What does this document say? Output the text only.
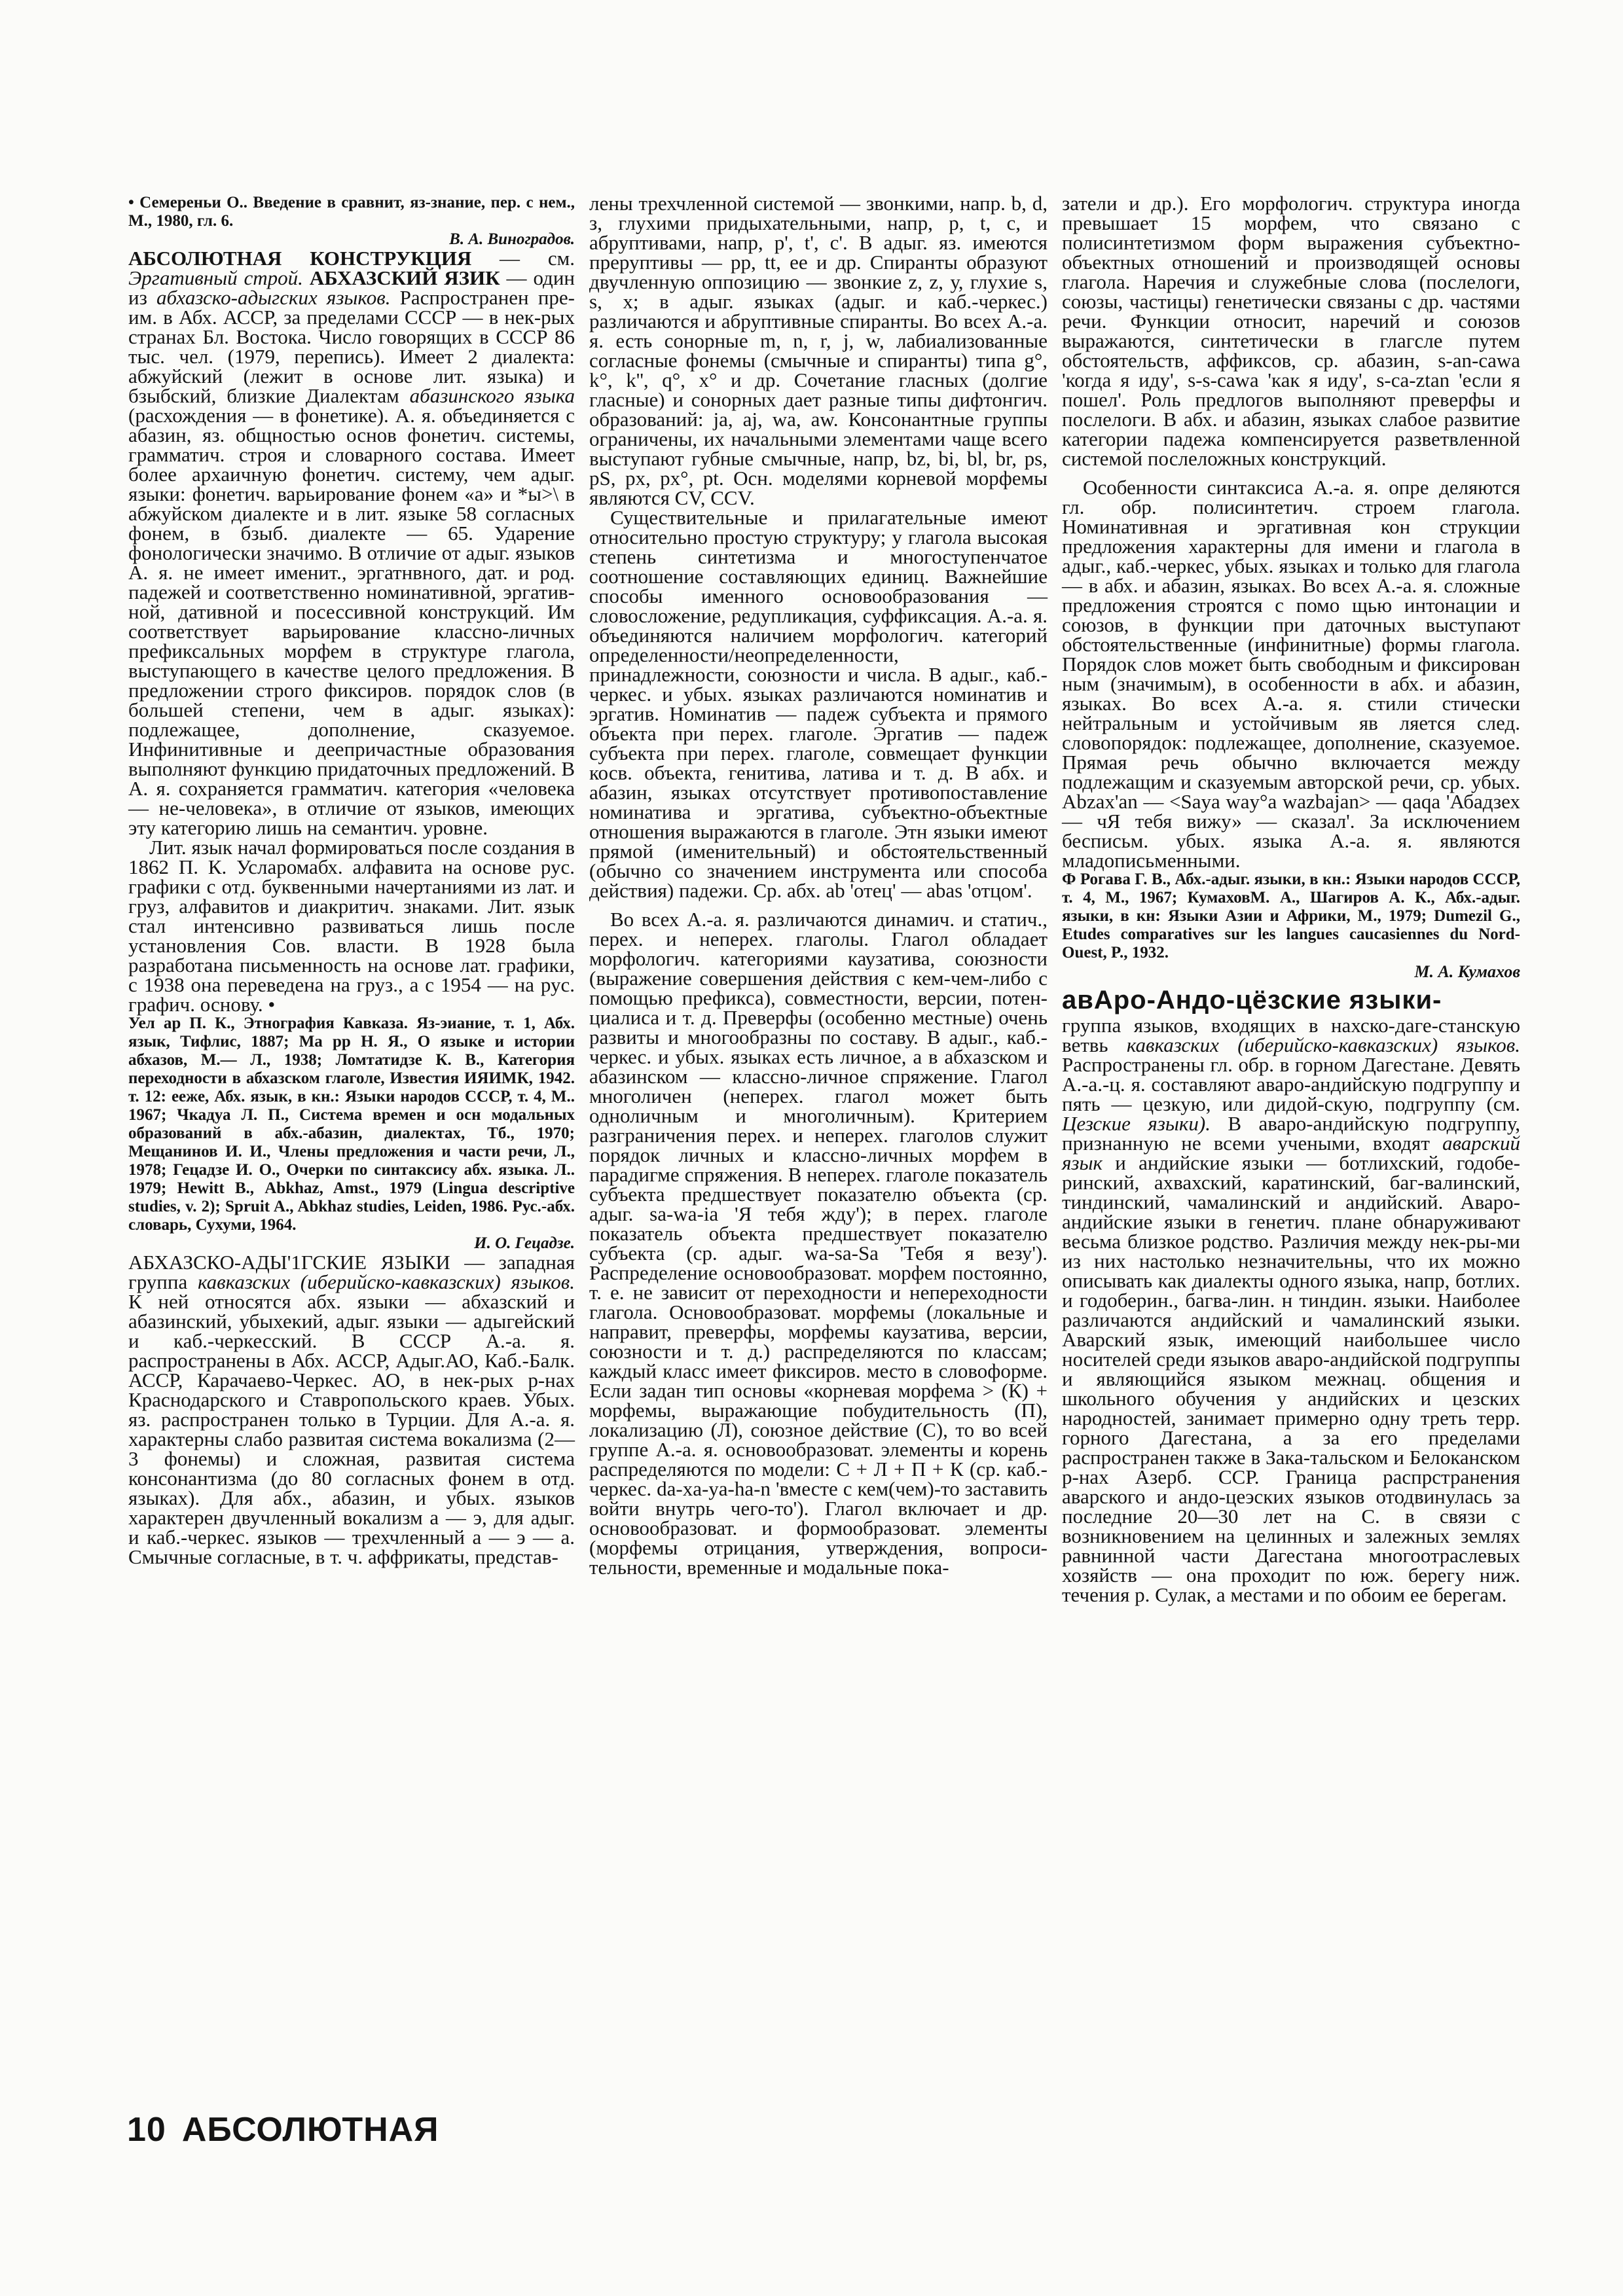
• Семереньи О.. Введение в сравнит, яз-знание, пер. с нем., М., 1980, гл. 6.

В. А. Виноградов.

АБСОЛЮТНАЯ КОНСТРУКЦИЯ — см. Эргативный строй. АБХАЗСКИЙ ЯЗИК — один из абхазско-адыгских языков. Распространен пре-им. в Абх. АССР, за пределами СССР — в нек-рых странах Бл. Востока. Число говорящих в СССР 86 тыс. чел. (1979, перепись). Имеет 2 диалекта: абжуйский (лежит в основе лит. языка) и бзыбский, близкие Диалектам абазинского языка (расхождения — в фонетике). А. я. объединяется с абазин, яз. общностью основ фонетич. системы, грамматич. строя и словарного состава. Имеет более архаичную фонетич. систему, чем адыг. языки: фонетич. варьирование фонем «а» и *ы>\ в абжуйском диалекте и в лит. языке 58 согласных фонем, в бзыб. диалекте — 65. Ударение фонологически значимо. В отличие от адыг. языков А. я. не имеет именит., эргатнвного, дат. и род. падежей и соответственно номинативной, эргатив-ной, дативной и посессивной конструкций. Им соответствует варьирование классно-личных префиксальных морфем в структуре глагола, выступающего в качестве целого предложения. В предложении строго фиксиров. порядок слов (в большей степени, чем в адыг. языках): подлежащее, дополнение, сказуемое. Инфинитивные и деепричастные образования выполняют функцию придаточных предложений. В А. я. сохраняется грамматич. категория «человека — не-человека», в отличие от языков, имеющих эту категорию лишь на семантич. уровне.

Лит. язык начал формироваться после создания в 1862 П. К. Усларомабх. алфавита на основе рус. графики с отд. буквенными начертаниями из лат. и груз, алфавитов и диакритич. знаками. Лит. язык стал интенсивно развиваться лишь после установления Сов. власти. В 1928 была разработана письменность на основе лат. графики, с 1938 она переведена на груз., а с 1954 — на рус. графич. основу. •

Уел ар П. К., Этнография Кавказа. Яз-эиание, т. 1, Абх. язык, Тифлис, 1887; Ма рр Н. Я., О языке и истории абхазов, М.— Л., 1938; Ломтатидзе К. В., Категория переходности в абхазском глаголе, Известия ИЯИМК, 1942. т. 12: ееже, Абх. язык, в кн.: Языки народов СССР, т. 4, М.. 1967; Чкадуа Л. П., Система времен и осн модальных образований в абх.-абазин, диалектах, Тб., 1970; Мещанинов И. И., Члены предложения и части речи, Л., 1978; Гецадзе И. О., Очерки по синтаксису абх. языка. Л.. 1979; Hewitt В., Abkhaz, Amst., 1979 (Lingua descriptive studies, v. 2); Spruit A., Abkhaz studies, Leiden, 1986. Рус.-абх. словарь, Сухуми, 1964.

И. О. Гецадзе.

АБХАЗСКО-АДЫ'1ГСКИЕ ЯЗЫКИ — западная группа кавказских (иберийско-кавказских) языков. К ней относятся абх. языки — абхазский и абазинский, убыхекий, адыг. языки — адыгейский и каб.-черкесский. В СССР А.-а. я. распространены в Абх. АССР, Адыг.АО, Каб.-Балк. АССР, Карачаево-Черкес. АО, в нек-рых р-нах Краснодарского и Ставропольского краев. Убых. яз. распространен только в Турции. Для А.-а. я. характерны слабо развитая система вокализма (2—3 фонемы) и сложная, развитая система консонантизма (до 80 согласных фонем в отд. языках). Для абх., абазин, и убых. языков характерен двучленный вокализм а — э, для адыг. и каб.-черкес. языков — трехчленный а — э — а. Смычные согласные, в т. ч. аффрикаты, представ-

лены трехчленной системой — звонкими, напр. b, d, з, глухими придыхательными, напр, р, t, c, и абруптивами, напр, p', t', с'. В адыг. яз. имеются преруптивы — pp, tt, ее и др. Спиранты образуют двучленную оппозицию — звонкие z, z, у, глухие s, s, х; в адыг. языках (адыг. и каб.-черкес.) различаются и абруптивные спиранты. Во всех А.-а. я. есть сонорные m, n, r, j, w, лабиализованные согласные фонемы (смычные и спиранты) типа g°, k°, k'', q°, x° и др. Сочетание гласных (долгие гласные) и сонорных дает разные типы дифтонгич. образований: ja, aj, wa, aw. Консонантные группы ограничены, их начальными элементами чаще всего выступают губные смычные, напр, bz, bi, bl, br, ps, pS, px, px°, pt. Осн. моделями корневой морфемы являются CV, CCV.

Существительные и прилагательные имеют относительно простую структуру; у глагола высокая степень синтетизма и многоступенчатое соотношение составляющих единиц. Важнейшие способы именного основообразования — словосложение, редупликация, суффиксация. А.-а. я. объединяются наличием морфологич. категорий определенности/неопределенности, принадлежности, союзности и числа. В адыг., каб.-черкес. и убых. языках различаются номинатив и эргатив. Номинатив — падеж субъекта и прямого объекта при перех. глаголе. Эргатив — падеж субъекта при перех. глаголе, совмещает функции косв. объекта, генитива, латива и т. д. В абх. и абазин, языках отсутствует противопоставление номинатива и эргатива, субъектно-объектные отношения выражаются в глаголе. Этн языки имеют прямой (именительный) и обстоятельственный (обычно со значением инструмента или способа действия) падежи. Ср. абх. ab 'отец' — abas 'отцом'.

Во всех А.-а. я. различаются динамич. и статич., перех. и неперех. глаголы. Глагол обладает морфологич. категориями каузатива, союзности (выражение совершения действия с кем-чем-либо с помощью префикса), совместности, версии, потен-циалиса и т. д. Преверфы (особенно местные) очень развиты и многообразны по составу. В адыг., каб.-черкес. и убых. языках есть личное, а в абхазском и абазинском — классно-личное спряжение. Глагол многоличен (неперех. глагол может быть одноличным и многоличным). Критерием разграничения перех. и неперех. глаголов служит порядок личных и классно-личных морфем в парадигме спряжения. В неперех. глаголе показатель субъекта предшествует показателю объекта (ср. адыг. sa-wa-ia 'Я тебя жду'); в перех. глаголе показатель объекта предшествует показателю субъекта (ср. адыг. wa-sa-Sa 'Тебя я везу'). Распределение основообразоват. морфем постоянно, т. е. не зависит от переходности и непереходности глагола. Основообразоват. морфемы (локальные и направит, преверфы, морфемы каузатива, версии, союзности и т. д.) распределяются по классам; каждый класс имеет фиксиров. место в словоформе. Если задан тип основы «корневая морфема > (К) + морфемы, выражающие побудительность (П), локализацию (Л), союзное действие (С), то во всей группе А.-а. я. основообразоват. элементы и корень распределяются по модели: С + Л + П + К (ср. каб.-черкес. da-xa-ya-ha-n 'вместе с кем(чем)-то заставить войти внутрь чего-то'). Глагол включает и др. основообразоват. и формообразоват. элементы (морфемы отрицания, утверждения, вопроси-тельности, временные и модальные пока-

затели и др.). Его морфологич. структура иногда превышает 15 морфем, что связано с полисинтетизмом форм выражения субъектно-объектных отношений и производящей основы глагола. Наречия и служебные слова (послелоги, союзы, частицы) генетически связаны с др. частями речи. Функции относит, наречий и союзов выражаются, синтетически в глагсле путем обстоятельств, аффиксов, ср. абазин, s-an-cawa 'когда я иду', s-s-cawa 'как я иду', s-ca-ztan 'если я пошел'. Роль предлогов выполняют преверфы и послелоги. В абх. и абазин, языках слабое развитие категории падежа компенсируется разветвленной системой послеложных конструкций.

Особенности синтаксиса А.-а. я. опре деляются гл. обр. полисинтетич. строем глагола. Номинативная и эргативная кон струкции предложения характерны для имени и глагола в адыг., каб.-черкес, убых. языках и только для глагола — в абх. и абазин, языках. Во всех А.-а. я. сложные предложения строятся с помо щью интонации и союзов, в функции при даточных выступают обстоятельственные (инфинитные) формы глагола. Порядок слов может быть свободным и фиксирован ным (значимым), в особенности в абх. и абазин, языках. Во всех А.-а. я. стили стически нейтральным и устойчивым яв ляется след. словопорядок: подлежащее, дополнение, сказуемое. Прямая речь обычно включается между подлежащим и сказуемым авторской речи, ср. убых. Abzax'an — <Saya way°a wazbajan> — qaqa 'Абадзех — чЯ тебя вижу» — сказал'. За исключением бесписьм. убых. языка А.-а. я. являются младописьменными.

Ф Рогава Г. В., Абх.-адыг. языки, в кн.: Языки народов СССР, т. 4, М., 1967; КумаховМ. А., Шагиров А. К., Абх.-адыг. языки, в кн: Языки Азии и Африки, М., 1979; Dumezil G., Etudes comparatives sur les langues caucasiennes du Nord-Ouest, P., 1932.

М. А. Кумахов

авАро-Андо-цёзские языки-

группа языков, входящих в нахско-даге-станскую ветвь кавказских (иберийско-кавказских) языков. Распространены гл. обр. в горном Дагестане. Девять А.-а.-ц. я. составляют аваро-андийскую подгруппу и пять — цезкую, или дидой-скую, подгруппу (см. Цезские языки). В аваро-андийскую подгруппу, признанную не всеми учеными, входят аварский язык и андийские языки — ботлихский, годобе-ринский, ахвахский, каратинский, баг-валинский, тиндинский, чамалинский и андийский. Аваро-андийские языки в генетич. плане обнаруживают весьма близкое родство. Различия между нек-ры-ми из них настолько незначительны, что их можно описывать как диалекты одного языка, напр, ботлих. и годоберин., багва-лин. н тиндин. языки. Наиболее различаются андийский и чамалинский языки. Аварский язык, имеющий наибольшее число носителей среди языков аваро-андийской подгруппы и являющийся языком межнац. общения и школьного обучения у андийских и цезских народностей, занимает примерно одну треть терр. горного Дагестана, а за его пределами распространен также в Зака-тальском и Белоканском р-нах Азерб. ССР. Граница распрстранения аварского и андо-цеэских языков отодвинулась за последние 20—30 лет на С. в связи с возникновением на целинных и залежных землях равнинной части Дагестана многоотраслевых хозяйств — она проходит по юж. берегу ниж. течения р. Сулак, а местами и по обоим ее берегам.

10 АБСОЛЮТНАЯ
